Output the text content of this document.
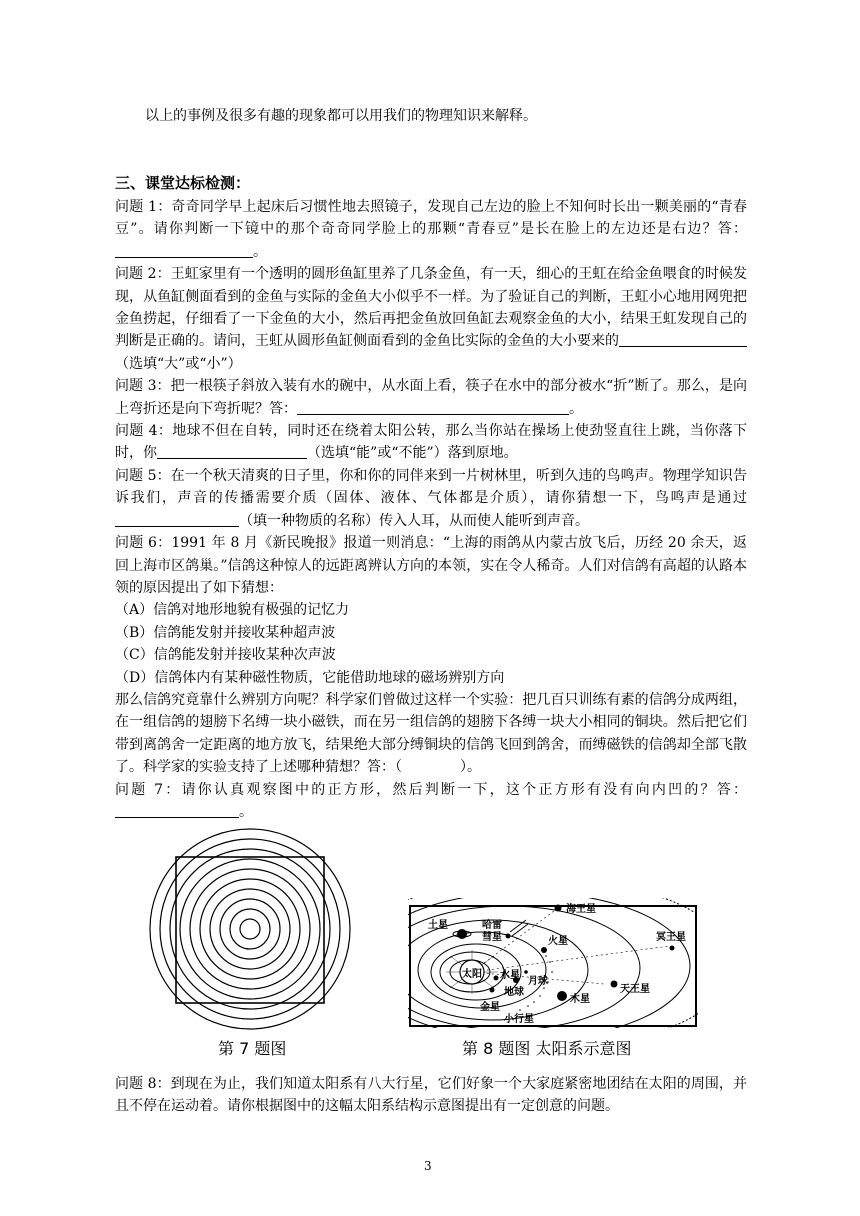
以上的事例及很多有趣的现象都可以用我们的物理知识来解释。
三、课堂达标检测：

问题 1：奇奇同学早上起床后习惯性地去照镜子，发现自己左边的脸上不知何时长出一颗美丽的“青春豆”。请你判断一下镜中的那个奇奇同学脸上的那颗“青春豆”是长在脸上的左边还是右边？答：。

问题 2：王虹家里有一个透明的圆形鱼缸里养了几条金鱼，有一天，细心的王虹在给金鱼喂食的时候发现，从鱼缸侧面看到的金鱼与实际的金鱼大小似乎不一样。为了验证自己的判断，王虹小心地用网兜把金鱼捞起，仔细看了一下金鱼的大小，然后再把金鱼放回鱼缸去观察金鱼的大小，结果王虹发现自己的判断是正确的。请问，王虹从圆形鱼缸侧面看到的金鱼比实际的金鱼的大小要来的（选填“大”或“小”）

问题 3：把一根筷子斜放入装有水的碗中，从水面上看，筷子在水中的部分被水“折”断了。那么，是向上弯折还是向下弯折呢？答：	。

问题 4：地球不但在自转，同时还在绕着太阳公转，那么当你站在操场上使劲竖直往上跳，当你落下时，你	（选填“能”或“不能”）落到原地。

问题 5：在一个秋天清爽的日子里，你和你的同伴来到一片树林里，听到久违的鸟鸣声。物理学知识告诉我们，声音的传播需要介质（固体、液体、气体都是介质），请你猜想一下，鸟鸣声是通过（填一种物质的名称）传入人耳，从而使人能听到声音。

问题 6：1991 年 8 月《新民晚报》报道一则消息：“上海的雨鸽从内蒙古放飞后，历经 20 余天，返回上海市区鸽巢。”信鸽这种惊人的远距离辨认方向的本领，实在令人稀奇。人们对信鸽有高超的认路本领的原因提出了如下猜想：

（A）信鸽对地形地貌有极强的记忆力

（B）信鸽能发射并接收某种超声波

（C）信鸽能发射并接收某种次声波

（D）信鸽体内有某种磁性物质，它能借助地球的磁场辨别方向

那么信鸽究竟靠什么辨别方向呢？科学家们曾做过这样一个实验：把几百只训练有素的信鸽分成两组，在一组信鸽的翅膀下名缚一块小磁铁，而在另一组信鸽的翅膀下各缚一块大小相同的铜块。然后把它们带到离鸽舍一定距离的地方放飞，结果绝大部分缚铜块的信鸽飞回到鸽舍，而缚磁铁的信鸽却全部飞散了。科学家的实验支持了上述哪种猜想？答：（	）。

问题 7：请你认真观察图中的正方形，然后判断一下，这个正方形有没有向内凹的？答：。

第 7 题图
太阳 水星
金星
地球
月球
火星
木星
土星
天王星
海王星
冥王星
哈雷
彗星
小行星
第 8 题图 太阳系示意图

问题 8：到现在为止，我们知道太阳系有八大行星，它们好象一个大家庭紧密地团结在太阳的周围，并且不停在运动着。请你根据图中的这幅太阳系结构示意图提出有一定创意的问题。

3
